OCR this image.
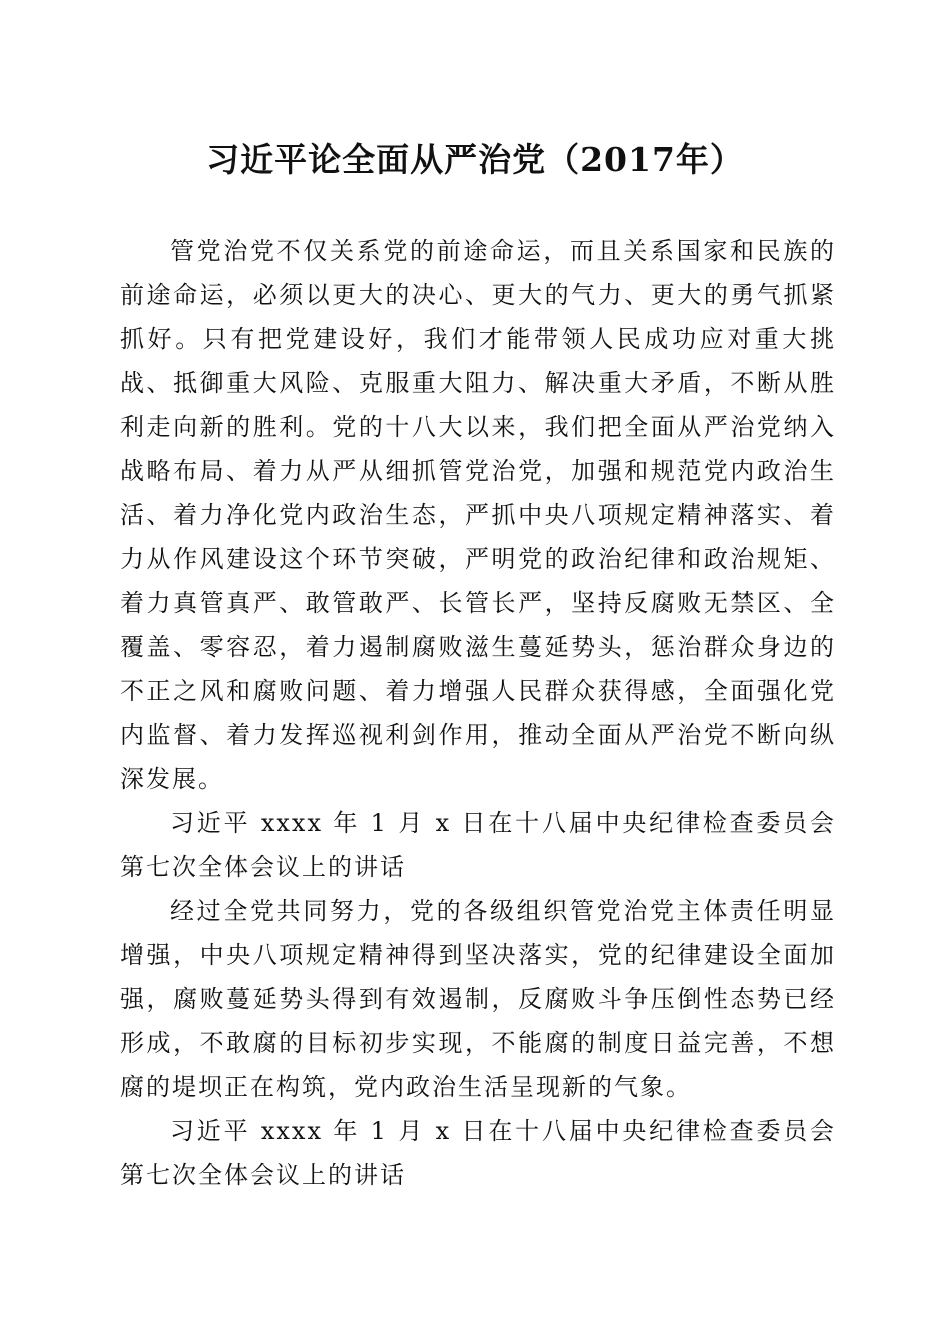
习近平论全面从严治党（2017年）

管党治党不仅关系党的前途命运，而且关系国家和民族的前途命运，必须以更大的决心、更大的气力、更大的勇气抓紧抓好。只有把党建设好，我们才能带领人民成功应对重大挑战、抵御重大风险、克服重大阻力、解决重大矛盾，不断从胜利走向新的胜利。党的十八大以来，我们把全面从严治党纳入战略布局、着力从严从细抓管党治党，加强和规范党内政治生活、着力净化党内政治生态，严抓中央八项规定精神落实、着力从作风建设这个环节突破，严明党的政治纪律和政治规矩、着力真管真严、敢管敢严、长管长严，坚持反腐败无禁区、全覆盖、零容忍，着力遏制腐败滋生蔓延势头，惩治群众身边的不正之风和腐败问题、着力增强人民群众获得感，全面强化党内监督、着力发挥巡视利剑作用，推动全面从严治党不断向纵深发展。

习近平 xxxx 年 1 月 x 日在十八届中央纪律检查委员会第七次全体会议上的讲话

经过全党共同努力，党的各级组织管党治党主体责任明显增强，中央八项规定精神得到坚决落实，党的纪律建设全面加强，腐败蔓延势头得到有效遏制，反腐败斗争压倒性态势已经形成，不敢腐的目标初步实现，不能腐的制度日益完善，不想腐的堤坝正在构筑，党内政治生活呈现新的气象。

习近平 xxxx 年 1 月 x 日在十八届中央纪律检查委员会第七次全体会议上的讲话
